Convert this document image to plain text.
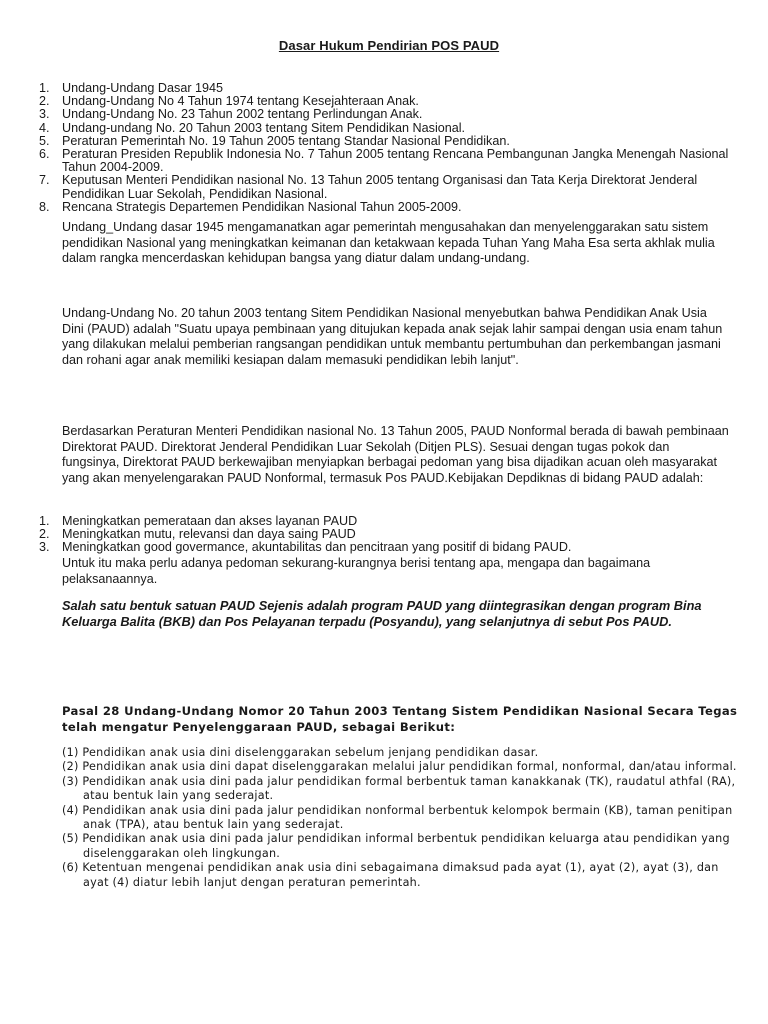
Dasar Hukum Pendirian POS PAUD
1. Undang-Undang Dasar 1945
2. Undang-Undang No 4 Tahun 1974 tentang Kesejahteraan Anak.
3. Undang-Undang No. 23 Tahun 2002 tentang Perlindungan Anak.
4. Undang-undang No. 20 Tahun 2003 tentang Sitem Pendidikan Nasional.
5. Peraturan Pemerintah No. 19 Tahun 2005 tentang Standar Nasional Pendidikan.
6. Peraturan Presiden Republik Indonesia No. 7 Tahun 2005 tentang Rencana Pembangunan Jangka Menengah Nasional Tahun 2004-2009.
7. Keputusan Menteri Pendidikan nasional No. 13 Tahun 2005 tentang Organisasi dan Tata Kerja Direktorat Jenderal Pendidikan Luar Sekolah, Pendidikan Nasional.
8. Rencana Strategis Departemen Pendidikan Nasional Tahun 2005-2009.

Undang_Undang dasar 1945 mengamanatkan agar pemerintah mengusahakan dan menyelenggarakan satu sistem pendidikan Nasional yang meningkatkan keimanan dan ketakwaan kepada Tuhan Yang Maha Esa serta akhlak mulia dalam rangka mencerdaskan kehidupan bangsa yang diatur dalam undang-undang.

Undang-Undang No. 20 tahun 2003 tentang Sitem Pendidikan Nasional menyebutkan bahwa Pendidikan Anak Usia Dini (PAUD) adalah "Suatu upaya pembinaan yang ditujukan kepada anak sejak lahir sampai dengan usia enam tahun yang dilakukan melalui pemberian rangsangan pendidikan untuk membantu pertumbuhan dan perkembangan jasmani dan rohani agar anak memiliki kesiapan dalam memasuki pendidikan lebih lanjut".

Berdasarkan Peraturan Menteri Pendidikan nasional No. 13 Tahun 2005, PAUD Nonformal berada di bawah pembinaan Direktorat PAUD. Direktorat Jenderal Pendidikan Luar Sekolah (Ditjen PLS). Sesuai dengan tugas pokok dan fungsinya, Direktorat PAUD berkewajiban menyiapkan berbagai pedoman yang bisa dijadikan acuan oleh masyarakat yang akan menyelengarakan PAUD Nonformal, termasuk Pos PAUD.Kebijakan Depdiknas di bidang PAUD adalah:

1. Meningkatkan pemerataan dan akses layanan PAUD
2. Meningkatkan mutu, relevansi dan daya saing PAUD
3. Meningkatkan good govermance, akuntabilitas dan pencitraan yang positif di bidang PAUD.

Untuk itu maka perlu adanya pedoman sekurang-kurangnya berisi tentang apa, mengapa dan bagaimana pelaksanaannya.

Salah satu bentuk satuan PAUD Sejenis adalah program PAUD yang diintegrasikan dengan program Bina Keluarga Balita (BKB) dan Pos Pelayanan terpadu (Posyandu), yang selanjutnya di sebut Pos PAUD.

Pasal 28 Undang-Undang Nomor 20 Tahun 2003 Tentang Sistem Pendidikan Nasional Secara Tegas telah mengatur Penyelenggaraan PAUD, sebagai Berikut:

(1) Pendidikan anak usia dini diselenggarakan sebelum jenjang pendidikan dasar.
(2) Pendidikan anak usia dini dapat diselenggarakan melalui jalur pendidikan formal, nonformal, dan/atau informal.
(3) Pendidikan anak usia dini pada jalur pendidikan formal berbentuk taman kanakkanak (TK), raudatul athfal (RA), atau bentuk lain yang sederajat.
(4) Pendidikan anak usia dini pada jalur pendidikan nonformal berbentuk kelompok bermain (KB), taman penitipan anak (TPA), atau bentuk lain yang sederajat.
(5) Pendidikan anak usia dini pada jalur pendidikan informal berbentuk pendidikan keluarga atau pendidikan yang diselenggarakan oleh lingkungan.
(6) Ketentuan mengenai pendidikan anak usia dini sebagaimana dimaksud pada ayat (1), ayat (2), ayat (3), dan ayat (4) diatur lebih lanjut dengan peraturan pemerintah.
